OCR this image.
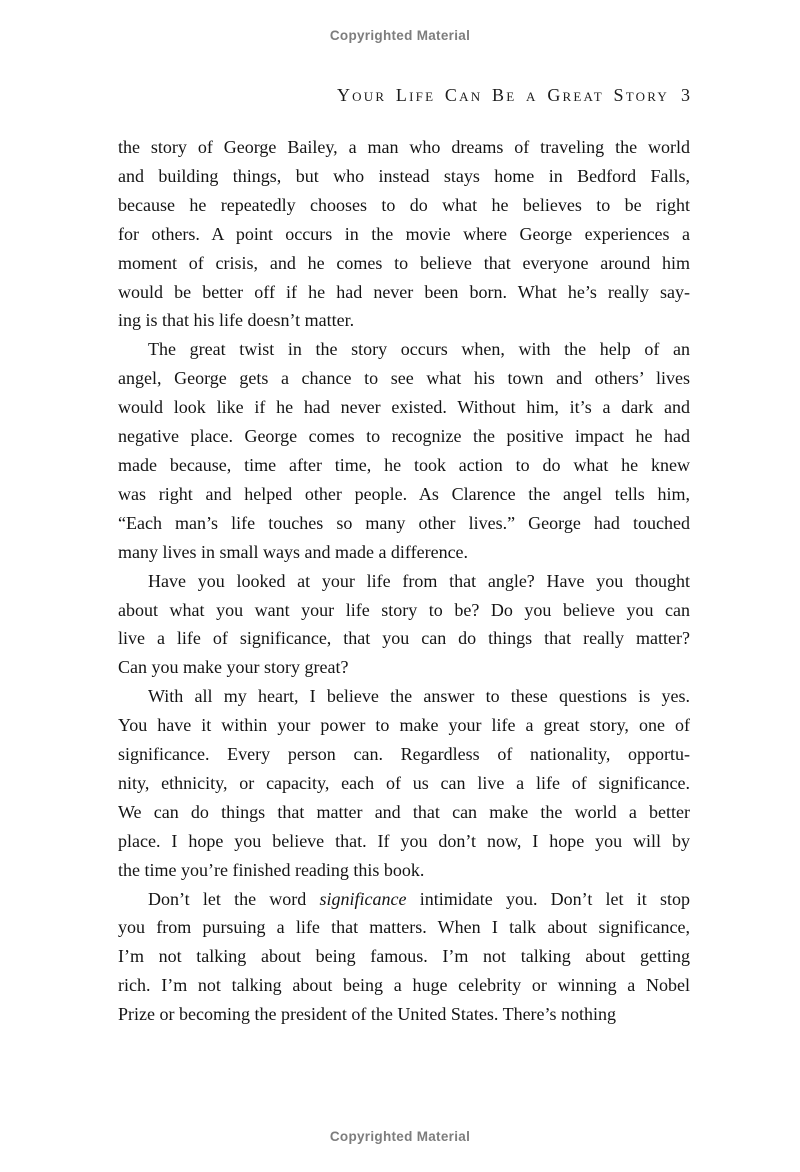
Copyrighted Material
Your Life Can Be a Great Story 3
the story of George Bailey, a man who dreams of traveling the world
and building things, but who instead stays home in Bedford Falls,
because he repeatedly chooses to do what he believes to be right
for others. A point occurs in the movie where George experiences a
moment of crisis, and he comes to believe that everyone around him
would be better off if he had never been born. What he’s really say-
ing is that his life doesn’t matter.
The great twist in the story occurs when, with the help of an
angel, George gets a chance to see what his town and others’ lives
would look like if he had never existed. Without him, it’s a dark and
negative place. George comes to recognize the positive impact he had
made because, time after time, he took action to do what he knew
was right and helped other people. As Clarence the angel tells him,
“Each man’s life touches so many other lives.” George had touched
many lives in small ways and made a difference.
Have you looked at your life from that angle? Have you thought
about what you want your life story to be? Do you believe you can
live a life of significance, that you can do things that really matter?
Can you make your story great?
With all my heart, I believe the answer to these questions is yes.
You have it within your power to make your life a great story, one of
significance. Every person can. Regardless of nationality, opportu-
nity, ethnicity, or capacity, each of us can live a life of significance.
We can do things that matter and that can make the world a better
place. I hope you believe that. If you don’t now, I hope you will by
the time you’re finished reading this book.
Don’t let the word significance intimidate you. Don’t let it stop
you from pursuing a life that matters. When I talk about significance,
I’m not talking about being famous. I’m not talking about getting
rich. I’m not talking about being a huge celebrity or winning a Nobel
Prize or becoming the president of the United States. There’s nothing
Copyrighted Material
